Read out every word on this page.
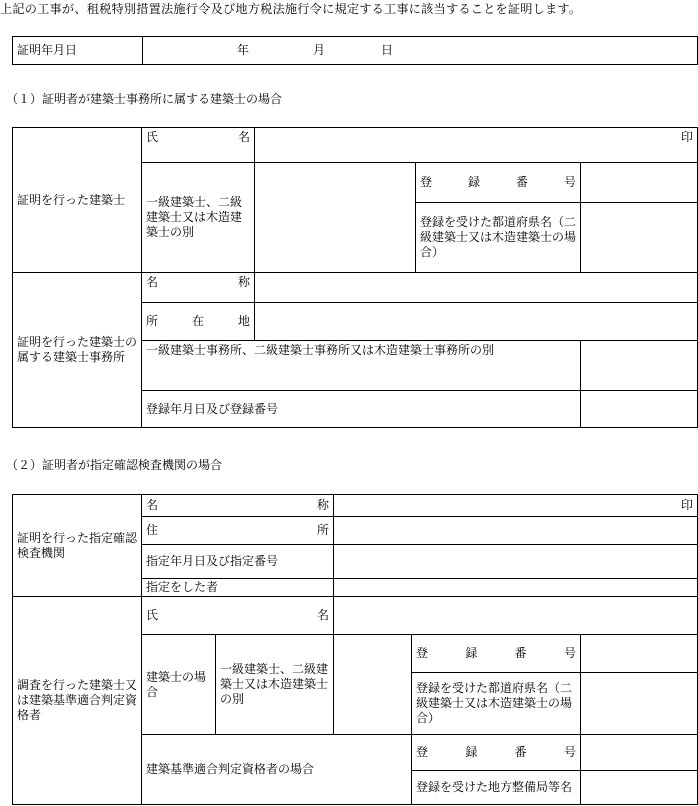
上記の工事が、租税特別措置法施行令及び地方税法施行令に規定する工事に該当することを証明します。
証明年月日	年	月	日
（１）証明者が建築士事務所に属する建築士の場合
証明を行った建築士	氏名	印		
	一級建築士、二級建築士又は木造建築士の別		登録番号	
			登録を受けた都道府県名（二級建築士又は木造建築士の場合）	
証明を行った建築士の属する建築士事務所	名称			
	所在地			
	一級建築士事務所、二級建築士事務所又は木造建築士事務所の別			
	登録年月日及び登録番号			
（２）証明者が指定確認検査機関の場合
証明を行った指定確認検査機関	名称		印		
	住所				
	指定年月日及び指定番号				
	指定をした者				
調査を行った建築士又は建築基準適合判定資格者	氏名				
	建築士の場合	一級建築士、二級建築士又は木造建築士の別		登録番号	
				登録を受けた都道府県名（二級建築士又は木造建築士の場合）	
	建築基準適合判定資格者の場合			登録番号	
				登録を受けた地方整備局等名	
